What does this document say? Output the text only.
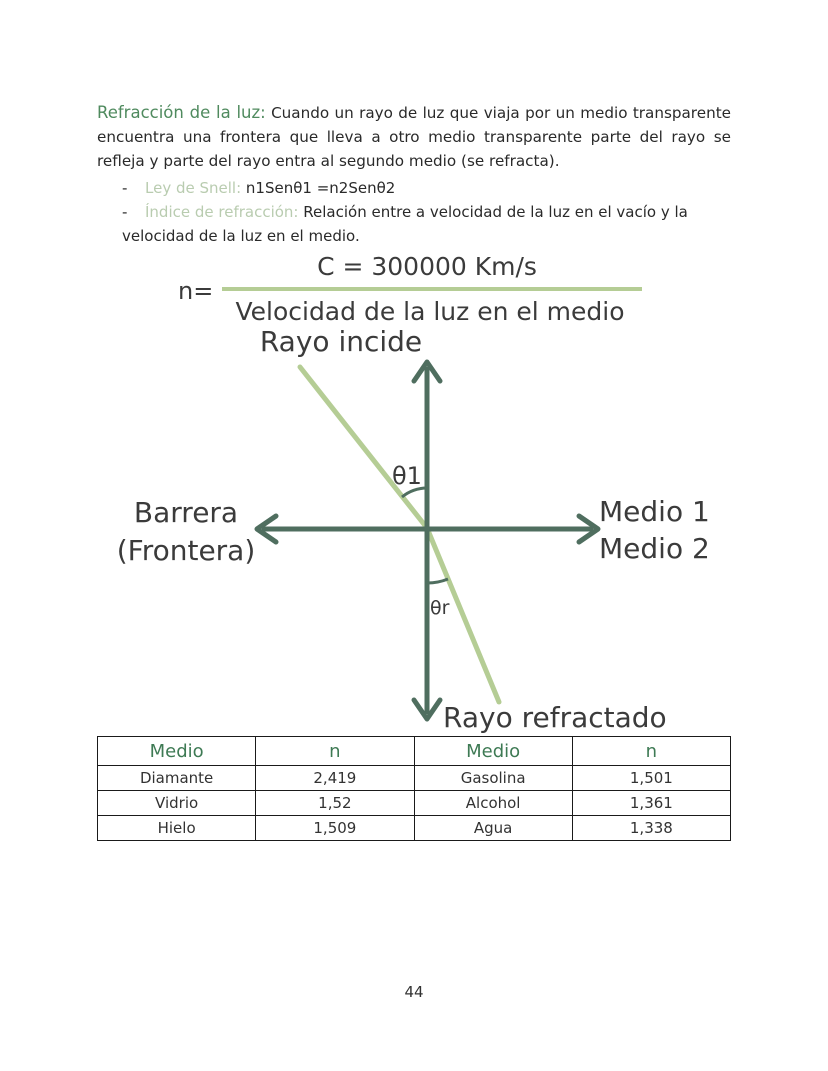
Refracción de la luz: Cuando un rayo de luz que viaja por un medio transparente encuentra una frontera que lleva a otro medio transparente parte del rayo se refleja y parte del rayo entra al segundo medio (se refracta).

- Ley de Snell: n1Senθ1 =n2Senθ2

- Índice de refracción: Relación entre a velocidad de la luz en el vacío y la velocidad de la luz en el medio.

n=
C = 300000 Km/s
Velocidad de la luz en el medio
Rayo incide
θ1
θr
Barrera
(Frontera)
Medio 1
Medio 2
Rayo refractado
Medio	n	Medio	n
Diamante	2,419	Gasolina	1,501
Vidrio	1,52	Alcohol	1,361
Hielo	1,509	Agua	1,338
44
